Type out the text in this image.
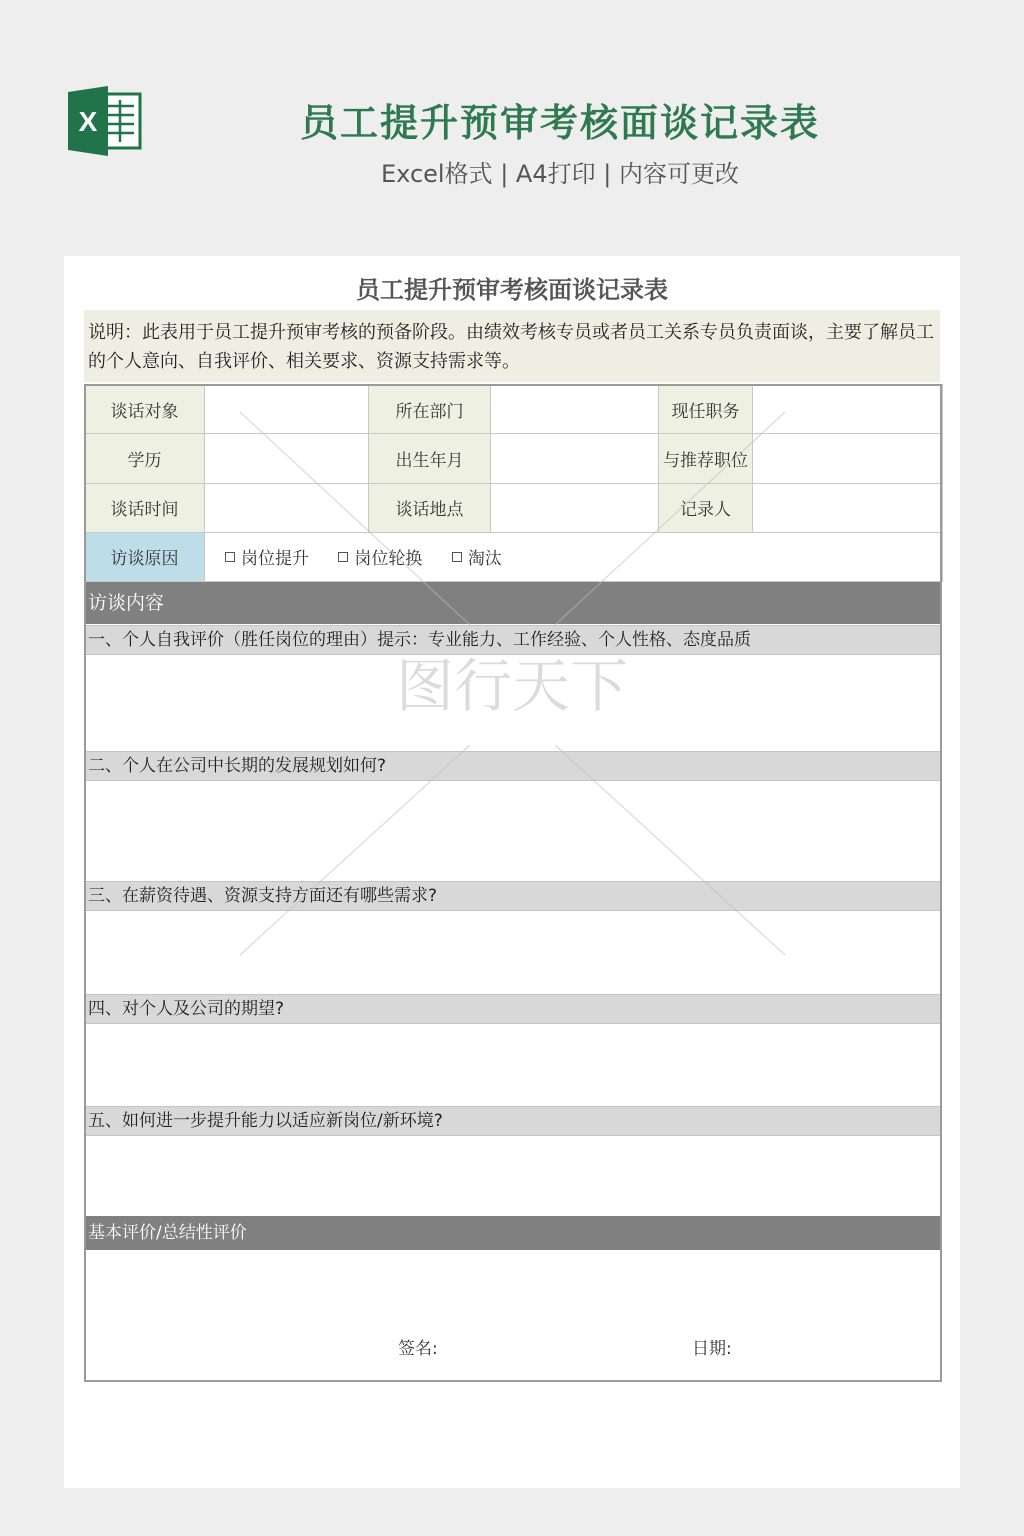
X	员工提升预审考核面谈记录表
Excel格式 | A4打印 | 内容可更改
员工提升预审考核面谈记录表
说明：此表用于员工提升预审考核的预备阶段。由绩效考核专员或者员工关系专员负责面谈，主要了解员工的个人意向、自我评价、相关要求、资源支持需求等。
谈话对象		所在部门		现任职务	
学历		出生年月		与推荐职位	
谈话时间		谈话地点		记录人	
访谈原因	岗位提升 岗位轮换 淘汰				
访谈内容
一、个人自我评价（胜任岗位的理由）提示：专业能力、工作经验、个人性格、态度品质
二、个人在公司中长期的发展规划如何?
三、在薪资待遇、资源支持方面还有哪些需求?
四、对个人及公司的期望?
五、如何进一步提升能力以适应新岗位/新环境?
基本评价/总结性评价
签名:	日期:
图行天下
